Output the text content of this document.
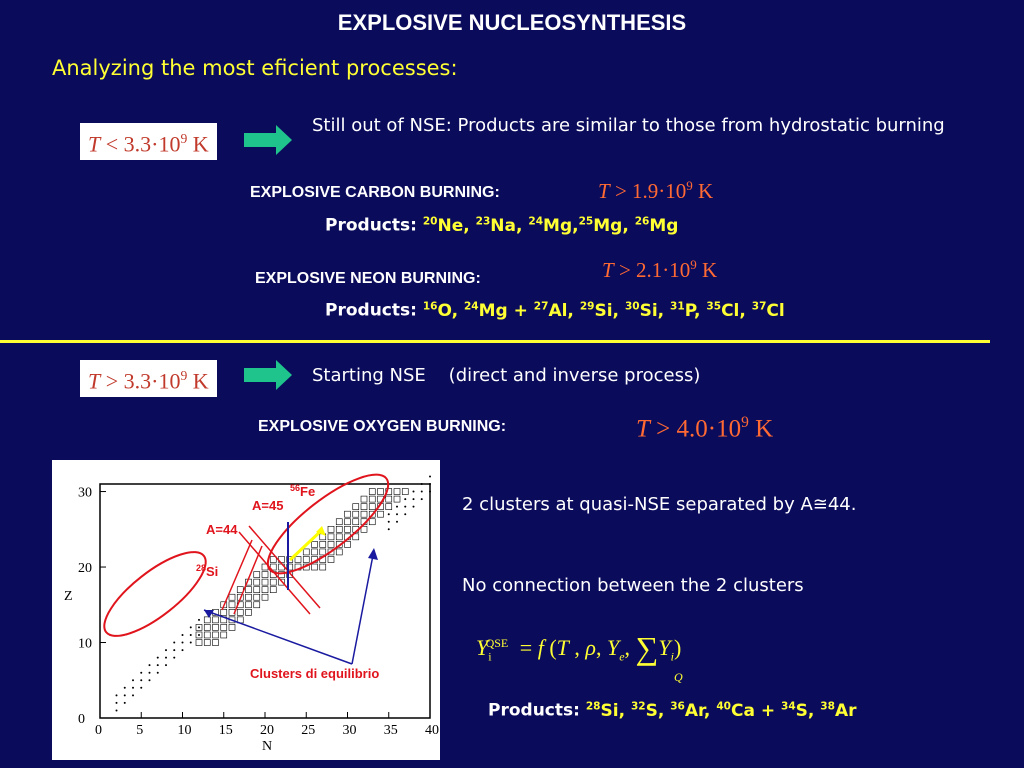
EXPLOSIVE NUCLEOSYNTHESIS
Analyzing the most eficient processes:
$T < 3.3\cdot 10^9$ K
Still out of NSE: Products are similar to those from hydrostatic burning
EXPLOSIVE CARBON BURNING:	$T > 1.9\cdot 10^9$ K
Products: $^{20}$Ne, $^{23}$Na, $^{24}$Mg,$^{25}$Mg, $^{26}$Mg
EXPLOSIVE NEON BURNING:	$T > 2.1\cdot 10^9$ K
Products: $^{16}$O, $^{24}$Mg + $^{27}$Al, $^{29}$Si, $^{30}$Si, $^{31}$P, $^{35}$Cl, $^{37}$Cl
$T > 3.3\cdot 10^9$ K	Starting NSE    (direct and inverse process)
EXPLOSIVE OXYGEN BURNING:	$T > 4.0\cdot 10^9$ K
0 5 10 15 20 25 30 35 40
0
10
20
30	$^{56}$Fe
A=45
A=44
$^{28}$Si
Clusters di equilibrio
N
Z
2 clusters at quasi-NSE separated by A≅44.
No connection between the 2 clusters
$Y_i^{QSE} = f$ (T , ρ, $Y_e$, $\sum Y_i$)
Q
Products: $^{28}$Si, $^{32}$S, $^{36}$Ar, $^{40}$Ca + $^{34}$S, $^{38}$Ar
